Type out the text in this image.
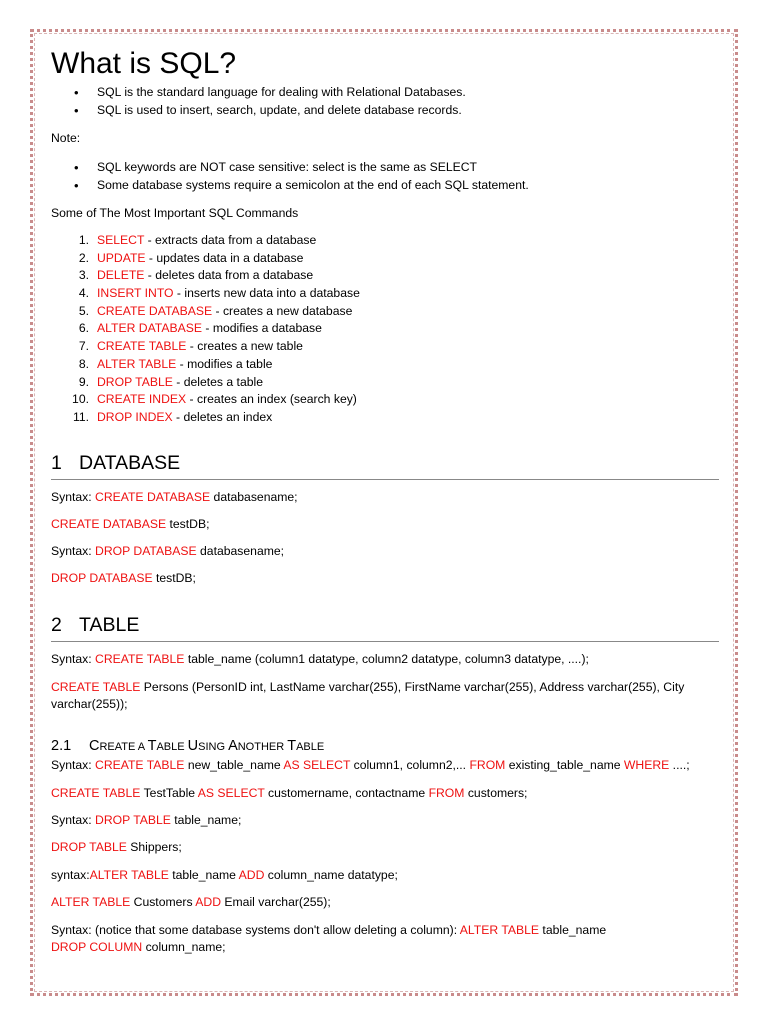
What is SQL?
• SQL is the standard language for dealing with Relational Databases.
• SQL is used to insert, search, update, and delete database records.
Note:
• SQL keywords are NOT case sensitive: select is the same as SELECT
• Some database systems require a semicolon at the end of each SQL statement.
Some of The Most Important SQL Commands
1. SELECT - extracts data from a database
2. UPDATE - updates data in a database
3. DELETE - deletes data from a database
4. INSERT INTO - inserts new data into a database
5. CREATE DATABASE - creates a new database
6. ALTER DATABASE - modifies a database
7. CREATE TABLE - creates a new table
8. ALTER TABLE - modifies a table
9. DROP TABLE - deletes a table
10. CREATE INDEX - creates an index (search key)
11. DROP INDEX - deletes an index
1 DATABASE
Syntax: CREATE DATABASE databasename;
CREATE DATABASE testDB;
Syntax: DROP DATABASE databasename;
DROP DATABASE testDB;
2 TABLE
Syntax: CREATE TABLE table_name (column1 datatype, column2 datatype, column3 datatype, ....);
CREATE TABLE Persons (PersonID int, LastName varchar(255), FirstName varchar(255), Address varchar(255), City
varchar(255));
2.1 CREATE A TABLE USING ANOTHER TABLE
Syntax: CREATE TABLE new_table_name AS SELECT column1, column2,... FROM existing_table_name WHERE ....;
CREATE TABLE TestTable AS SELECT customername, contactname FROM customers;
Syntax: DROP TABLE table_name;
DROP TABLE Shippers;
syntax:ALTER TABLE table_name ADD column_name datatype;
ALTER TABLE Customers ADD Email varchar(255);
Syntax: (notice that some database systems don't allow deleting a column): ALTER TABLE table_name
DROP COLUMN column_name;
